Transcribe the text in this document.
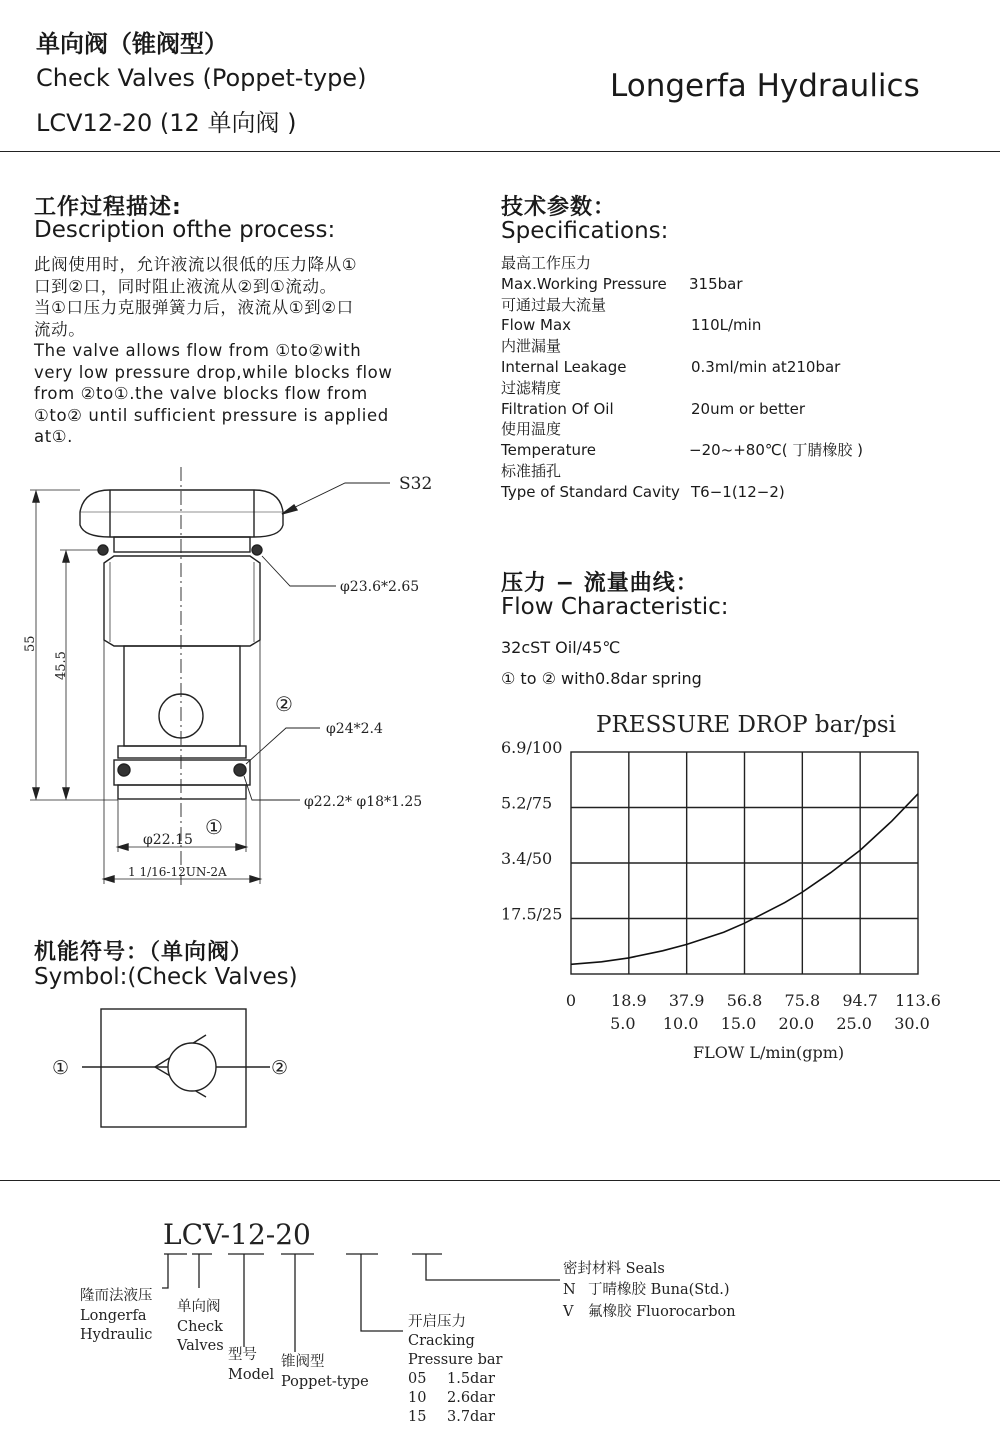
单向阀（锥阀型）
Check Valves (Poppet-type)
LCV12-20 (12 单向阀 )
Longerfa Hydraulics
工作过程描述:
Description ofthe process:
此阀使用时，允许液流以很低的压力降从①
口到②口，同时阻止液流从②到①流动。
当①口压力克服弹簧力后，液流从①到②口
流动。
The valve allows flow from ①to②with
very low pressure drop,while blocks flow
from ②to①.the valve blocks flow from
①to② until sufficient pressure is applied
at①.
技术参数：
Specifications:
最高工作压力
Max.Working Pressure 315bar
可通过最大流量
Flow Max	110L/min
内泄漏量
Internal Leakage	0.3ml/min at210bar
过滤精度
Filtration Of Oil	20um or better
使用温度
Temperature	−20~+80℃( 丁腈橡胶 )
标准插孔
Type of Standard Cavity T6−1(12−2)
压力 − 流量曲线：
Flow Characteristic:
32cST Oil/45℃
① to ② with0.8dar spring
PRESSURE DROP bar/psi
6.9/100
5.2/75
3.4/50
17.5/25
0 18.9 37.9 56.8 75.8 94.7 113.6
5.0 10.0 15.0 20.0 25.0 30.0
FLOW L/min(gpm)
S32
φ23.6*2.65
φ24*2.4
φ22.2* φ18*1.25
φ22.15
1 1/16-12UN-2A
②
①
55
45.5
机能符号：（单向阀）
Symbol:(Check Valves)
①	②
LCV-12-20
隆而法液压
Longerfa
Hydraulic
单向阀
Check
Valves
型号
Model
锥阀型
Poppet-type
开启压力
Cracking
Pressure bar
05 1.5dar
10 2.6dar
15 3.7dar
密封材料 Seals
N 丁晴橡胶 Buna(Std.)
V 氟橡胶 Fluorocarbon
